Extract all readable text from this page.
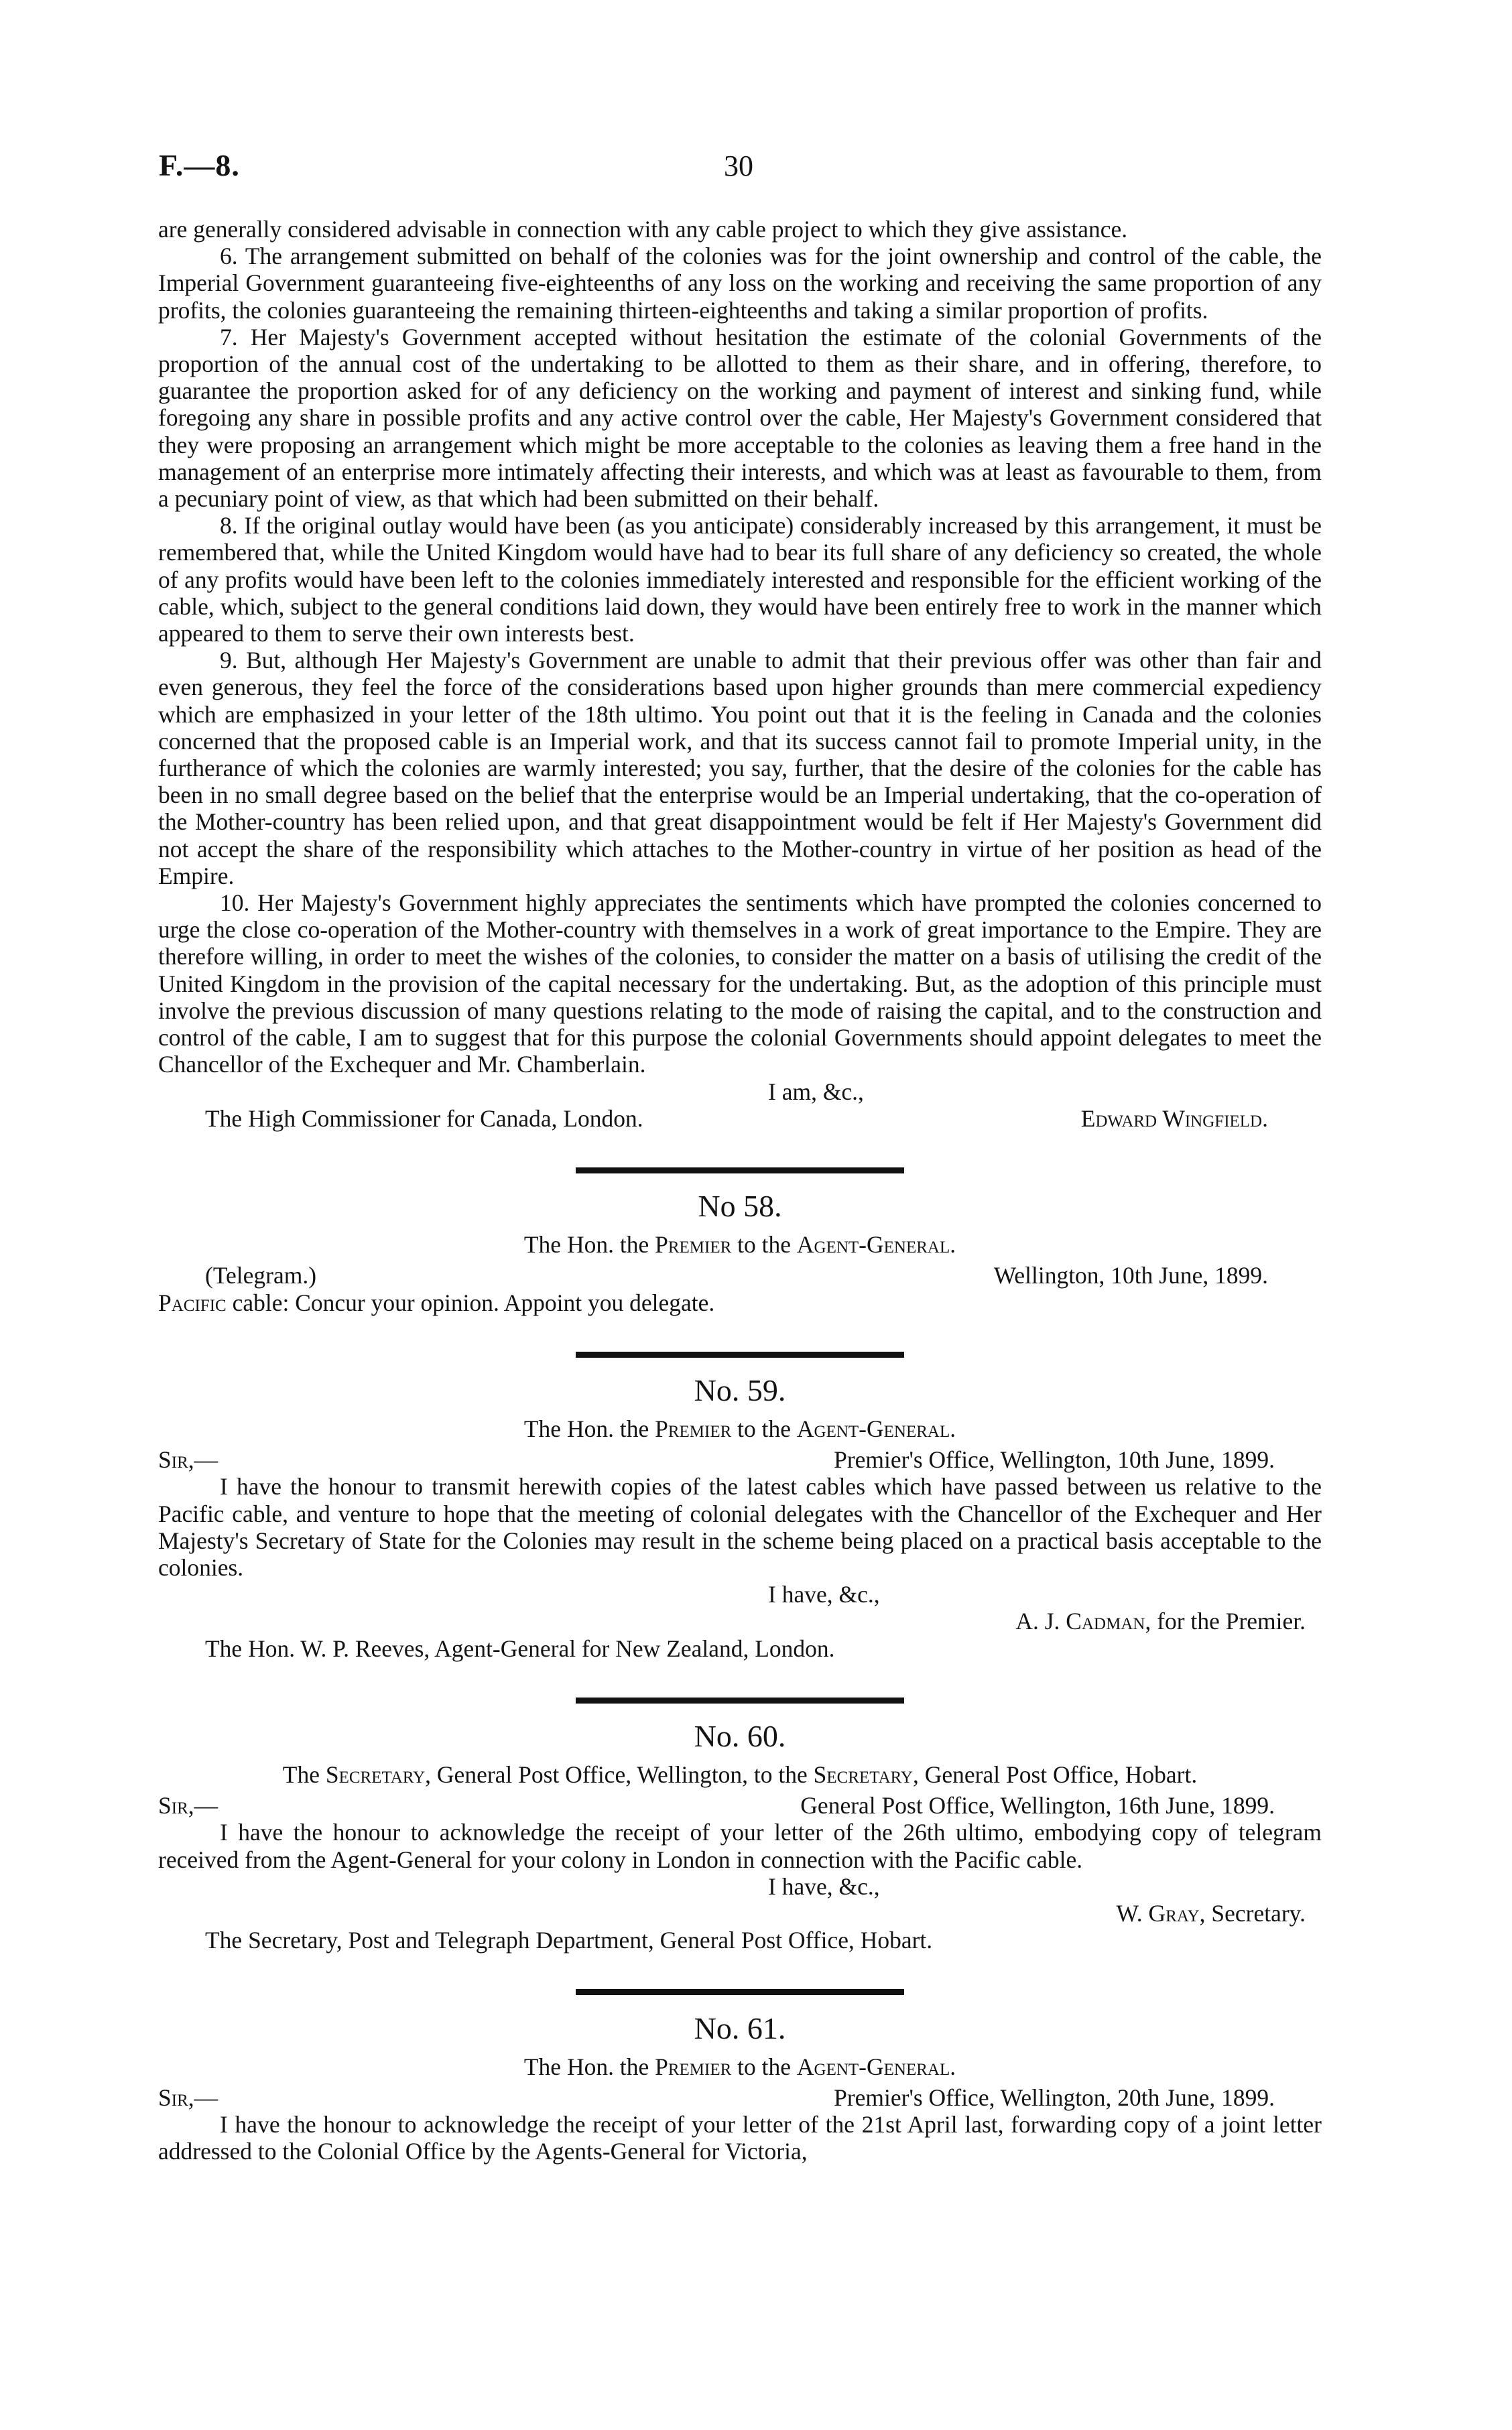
F.—8.	30

are generally considered advisable in connection with any cable project to which they give assistance.

6. The arrangement submitted on behalf of the colonies was for the joint ownership and control of the cable, the Imperial Government guaranteeing five-eighteenths of any loss on the working and receiving the same proportion of any profits, the colonies guaranteeing the remaining thirteen-eighteenths and taking a similar proportion of profits.

7. Her Majesty's Government accepted without hesitation the estimate of the colonial Governments of the proportion of the annual cost of the undertaking to be allotted to them as their share, and in offering, therefore, to guarantee the proportion asked for of any deficiency on the working and payment of interest and sinking fund, while foregoing any share in possible profits and any active control over the cable, Her Majesty's Government considered that they were proposing an arrangement which might be more acceptable to the colonies as leaving them a free hand in the management of an enterprise more intimately affecting their interests, and which was at least as favourable to them, from a pecuniary point of view, as that which had been submitted on their behalf.

8. If the original outlay would have been (as you anticipate) considerably increased by this arrangement, it must be remembered that, while the United Kingdom would have had to bear its full share of any deficiency so created, the whole of any profits would have been left to the colonies immediately interested and responsible for the efficient working of the cable, which, subject to the general conditions laid down, they would have been entirely free to work in the manner which appeared to them to serve their own interests best.

9. But, although Her Majesty's Government are unable to admit that their previous offer was other than fair and even generous, they feel the force of the considerations based upon higher grounds than mere commercial expediency which are emphasized in your letter of the 18th ultimo. You point out that it is the feeling in Canada and the colonies concerned that the proposed cable is an Imperial work, and that its success cannot fail to promote Imperial unity, in the furtherance of which the colonies are warmly interested; you say, further, that the desire of the colonies for the cable has been in no small degree based on the belief that the enterprise would be an Imperial undertaking, that the co-operation of the Mother-country has been relied upon, and that great disappointment would be felt if Her Majesty's Government did not accept the share of the responsibility which attaches to the Mother-country in virtue of her position as head of the Empire.

10. Her Majesty's Government highly appreciates the sentiments which have prompted the colonies concerned to urge the close co-operation of the Mother-country with themselves in a work of great importance to the Empire. They are therefore willing, in order to meet the wishes of the colonies, to consider the matter on a basis of utilising the credit of the United Kingdom in the provision of the capital necessary for the undertaking. But, as the adoption of this principle must involve the previous discussion of many questions relating to the mode of raising the capital, and to the construction and control of the cable, I am to suggest that for this purpose the colonial Governments should appoint delegates to meet the Chancellor of the Exchequer and Mr. Chamberlain.

I am, &c.,

The High Commissioner for Canada, London.	Edward Wingfield.
No 58.

The Hon. the Premier to the Agent-General.

(Telegram.)	Wellington, 10th June, 1899.

Pacific cable: Concur your opinion. Appoint you delegate.

No. 59.

The Hon. the Premier to the Agent-General.

Sir,—	Premier's Office, Wellington, 10th June, 1899.

I have the honour to transmit herewith copies of the latest cables which have passed between us relative to the Pacific cable, and venture to hope that the meeting of colonial delegates with the Chancellor of the Exchequer and Her Majesty's Secretary of State for the Colonies may result in the scheme being placed on a practical basis acceptable to the colonies.

I have, &c.,

A. J. Cadman, for the Premier.

The Hon. W. P. Reeves, Agent-General for New Zealand, London.

No. 60.

The Secretary, General Post Office, Wellington, to the Secretary, General Post Office, Hobart.

Sir,—	General Post Office, Wellington, 16th June, 1899.

I have the honour to acknowledge the receipt of your letter of the 26th ultimo, embodying copy of telegram received from the Agent-General for your colony in London in connection with the Pacific cable.

I have, &c.,

W. Gray, Secretary.

The Secretary, Post and Telegraph Department, General Post Office, Hobart.

No. 61.

The Hon. the Premier to the Agent-General.

Sir,—	Premier's Office, Wellington, 20th June, 1899.

I have the honour to acknowledge the receipt of your letter of the 21st April last, forwarding copy of a joint letter addressed to the Colonial Office by the Agents-General for Victoria,
